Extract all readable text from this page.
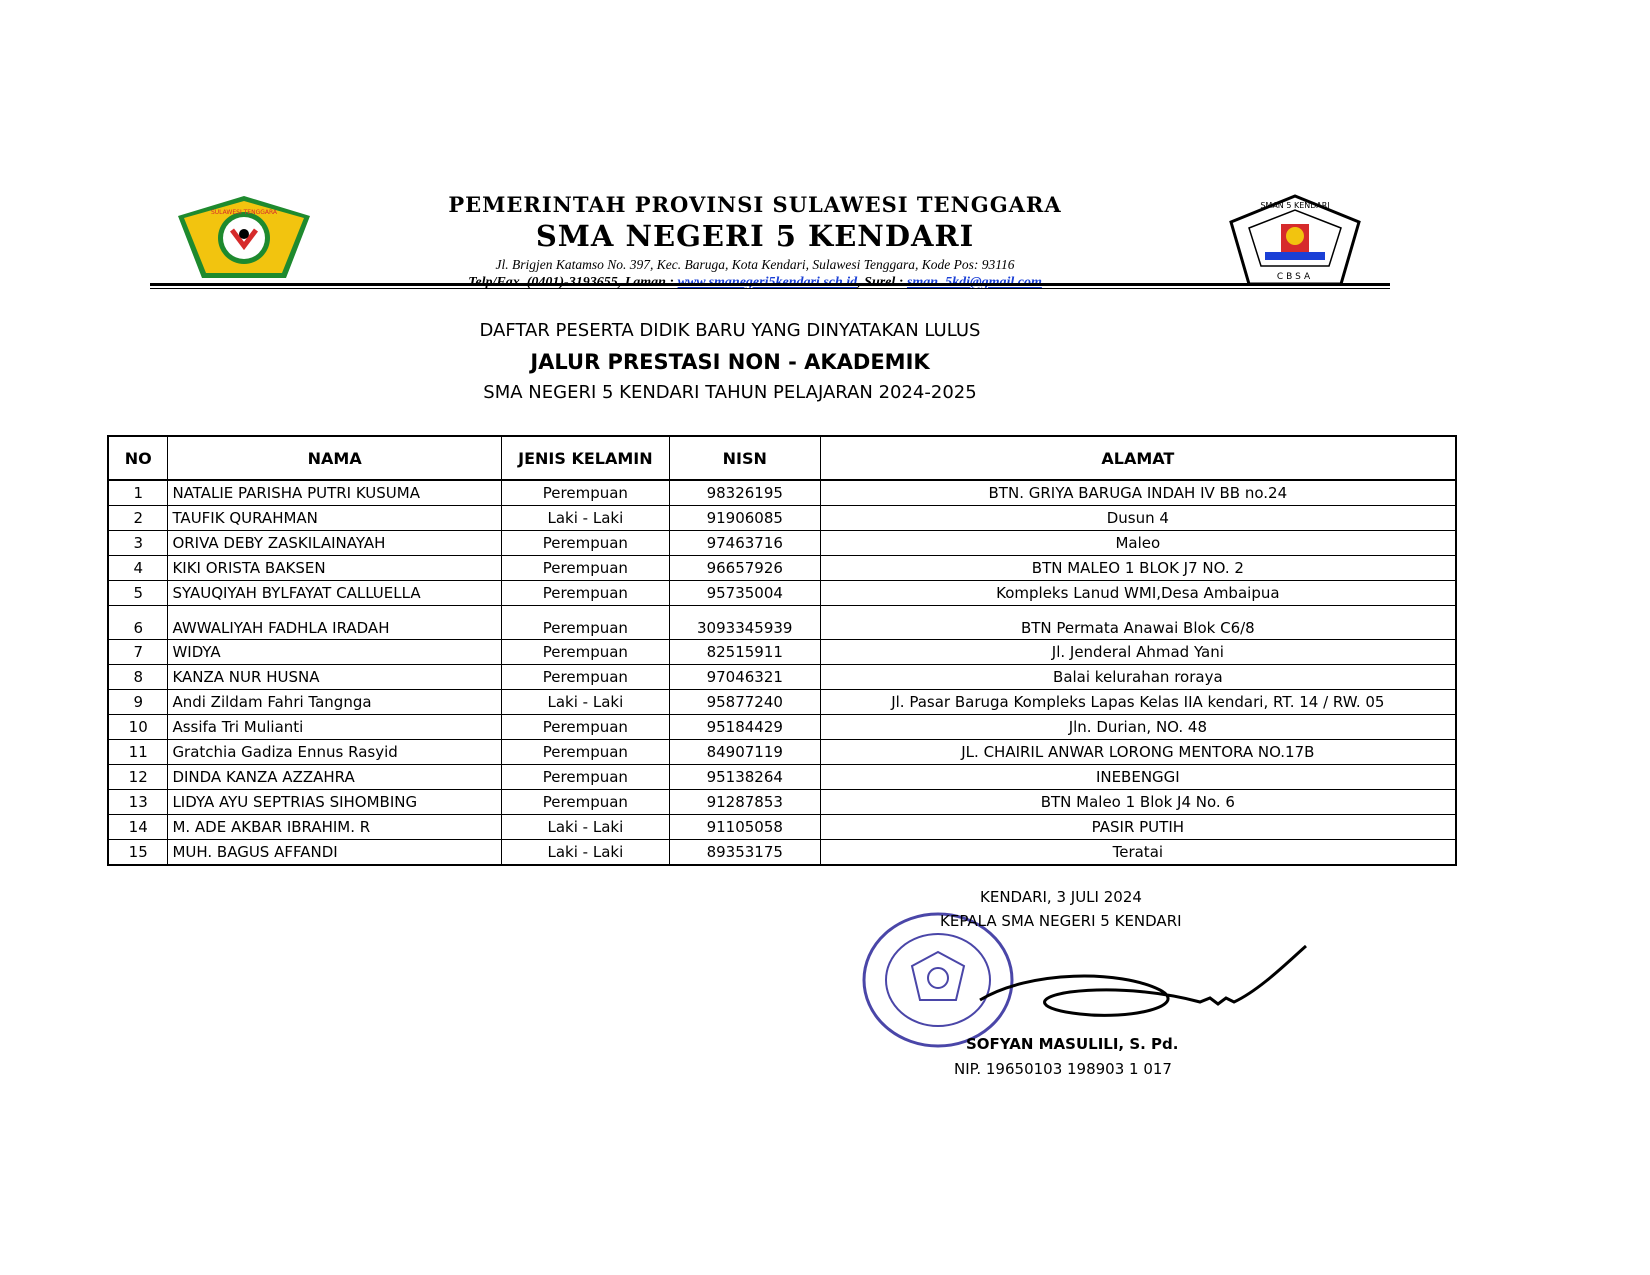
SULAWESI TENGGARA	PEMERINTAH PROVINSI SULAWESI TENGGARA
SMA NEGERI 5 KENDARI
Jl. Brigjen Katamso No. 397, Kec. Baruga, Kota Kendari, Sulawesi Tenggara, Kode Pos: 93116
SMAN 5 KENDARI
CBSA
DAFTAR PESERTA DIDIK BARU YANG DINYATAKAN LULUS
JALUR PRESTASI NON - AKADEMIK
SMA NEGERI 5 KENDARI TAHUN PELAJARAN 2024-2025
NO	NAMA	JENIS KELAMIN	NISN	ALAMAT
1	NATALIE PARISHA PUTRI KUSUMA	Perempuan	98326195	BTN. GRIYA BARUGA INDAH IV BB no.24
2	TAUFIK QURAHMAN	Laki - Laki	91906085	Dusun 4
3	ORIVA DEBY ZASKILAINAYAH	Perempuan	97463716	Maleo
4	KIKI ORISTA BAKSEN	Perempuan	96657926	BTN MALEO 1 BLOK J7 NO. 2
5	SYAUQIYAH BYLFAYAT CALLUELLA	Perempuan	95735004	Kompleks Lanud WMI,Desa Ambaipua
6	AWWALIYAH FADHLA IRADAH	Perempuan	3093345939	BTN Permata Anawai Blok C6/8
7	WIDYA	Perempuan	82515911	Jl. Jenderal Ahmad Yani
8	KANZA NUR HUSNA	Perempuan	97046321	Balai kelurahan roraya
9	Andi Zildam Fahri Tangnga	Laki - Laki	95877240	Jl. Pasar Baruga Kompleks Lapas Kelas IIA kendari, RT. 14 / RW. 05
10	Assifa Tri Mulianti	Perempuan	95184429	Jln. Durian, NO. 48
11	Gratchia Gadiza Ennus Rasyid	Perempuan	84907119	JL. CHAIRIL ANWAR LORONG MENTORA NO.17B
12	DINDA KANZA AZZAHRA	Perempuan	95138264	INEBENGGI
13	LIDYA AYU SEPTRIAS SIHOMBING	Perempuan	91287853	BTN Maleo 1 Blok J4 No. 6
14	M. ADE AKBAR IBRAHIM. R	Laki - Laki	91105058	PASIR PUTIH
15	MUH. BAGUS AFFANDI	Laki - Laki	89353175	Teratai
KENDARI, 3 JULI 2024
KEPALA SMA NEGERI 5 KENDARI
SOFYAN MASULILI, S. Pd.
NIP. 19650103 198903 1 017
